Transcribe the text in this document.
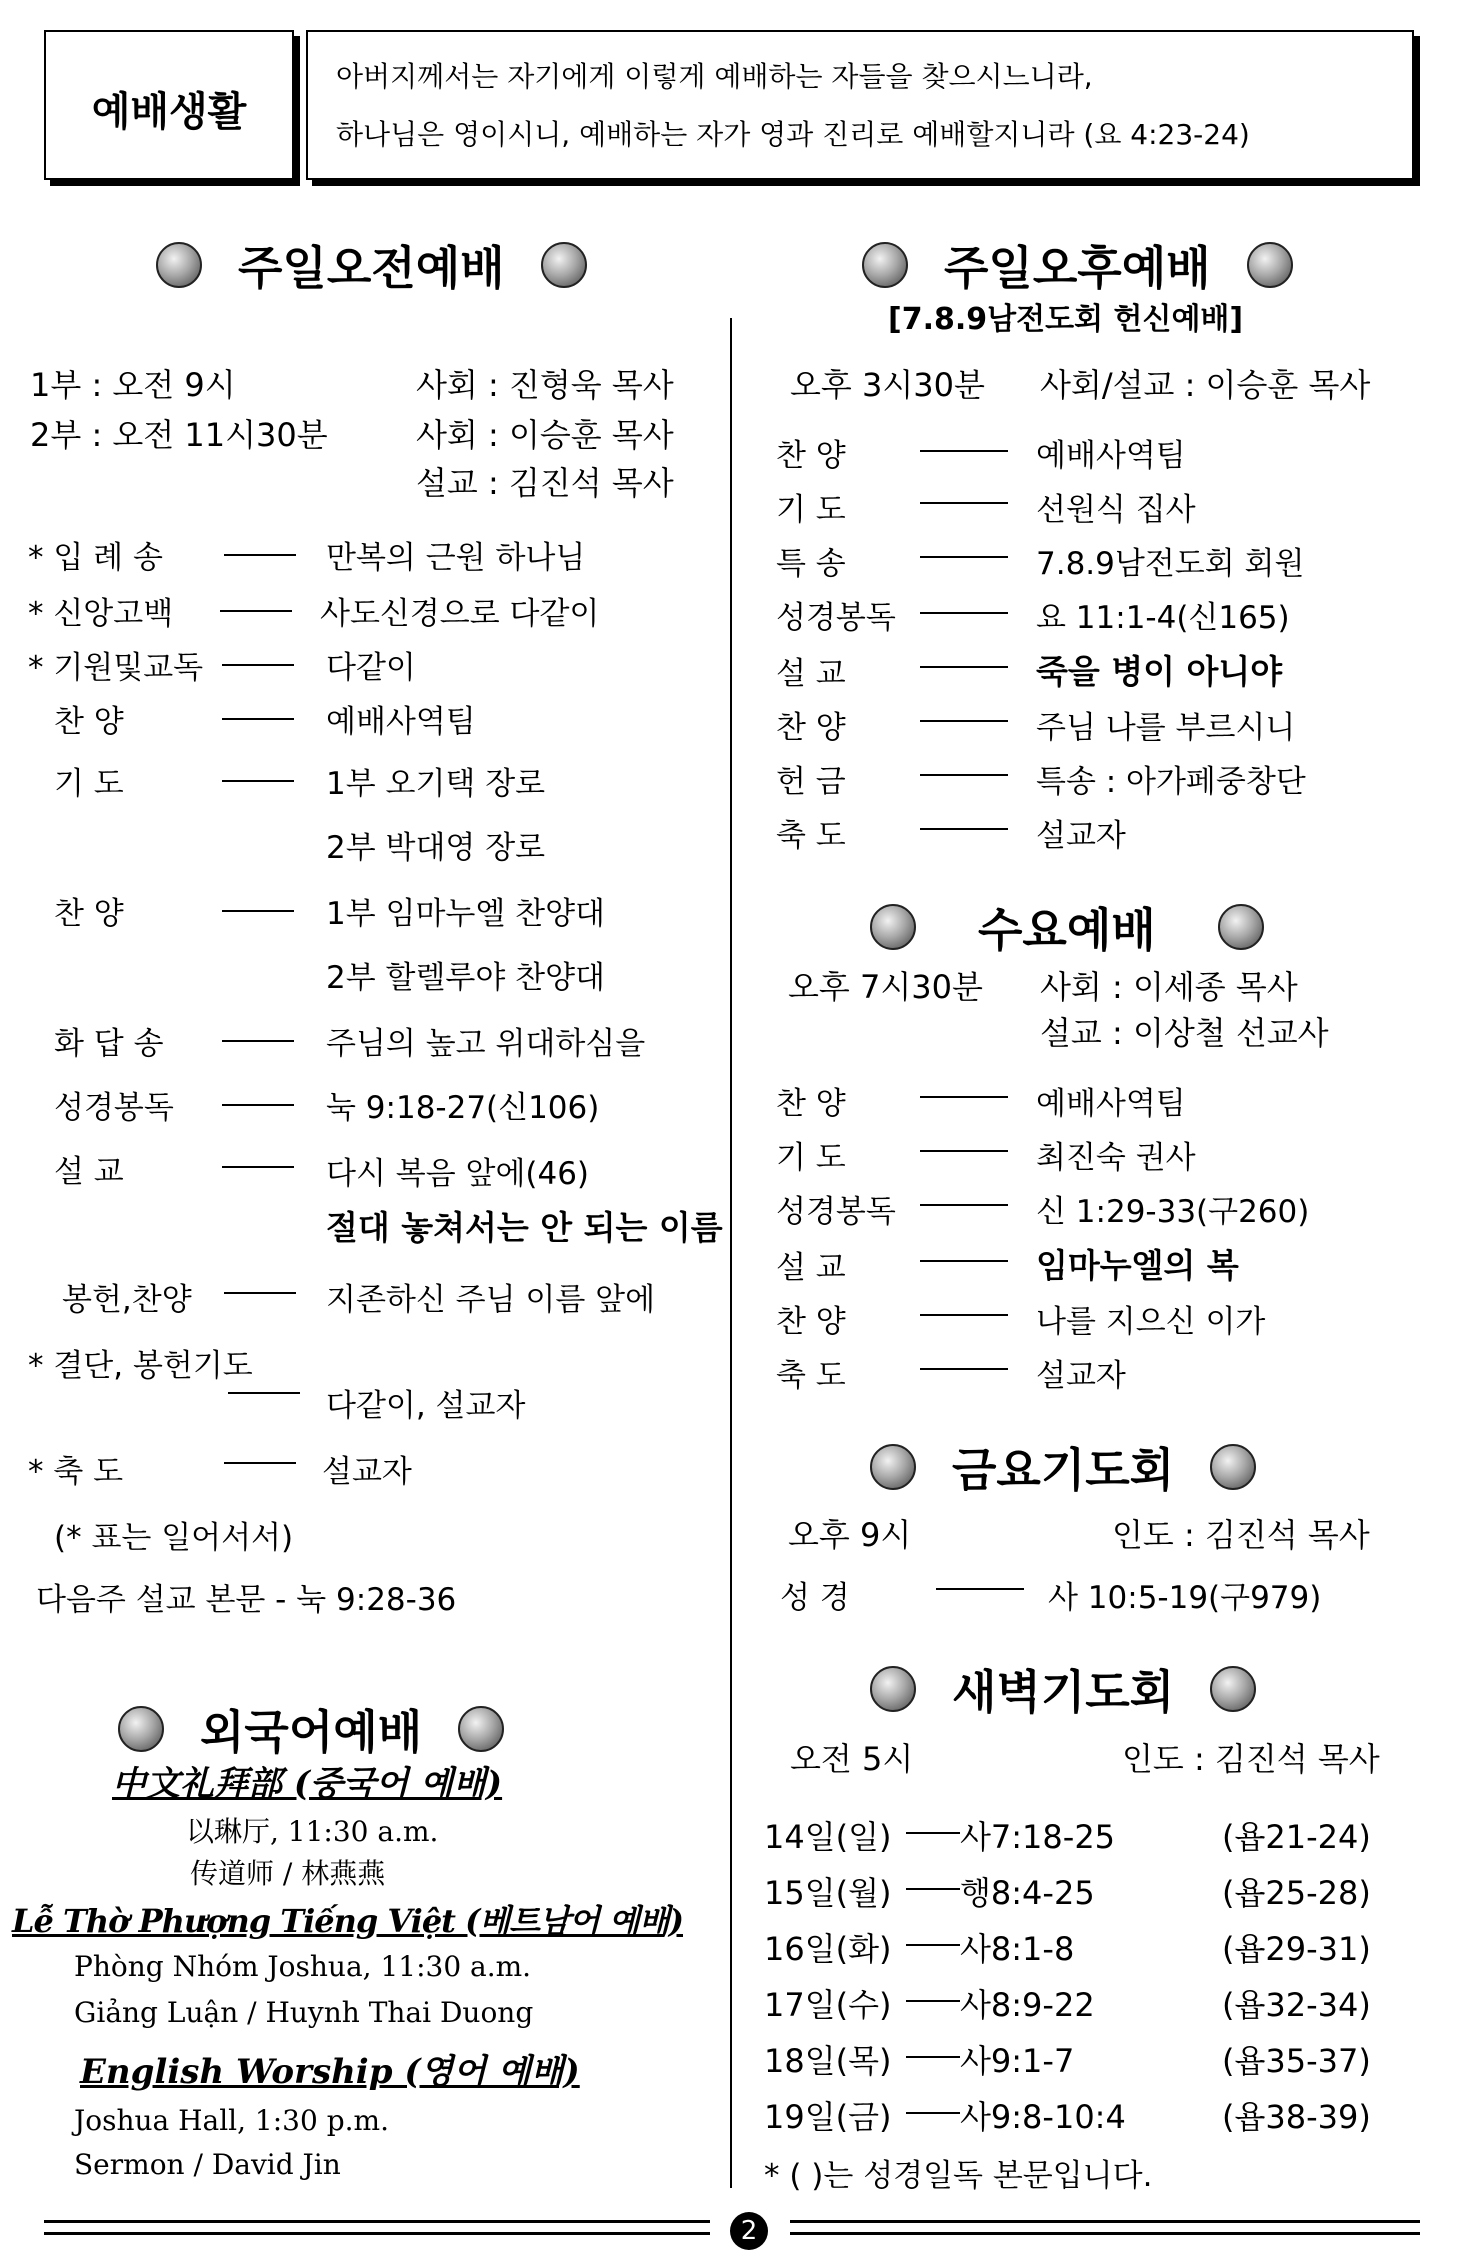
예배생활
아버지께서는 자기에게 이렇게 예배하는 자들을 찾으시느니라,
하나님은 영이시니, 예배하는 자가 영과 진리로 예배할지니라 (요 4:23-24)
주일오전예배
1부 : 오전 9시	사회 : 진형욱 목사
2부 : 오전 11시30분	사회 : 이승훈 목사
설교 : 김진석 목사
* 입 례 송	만복의 근원 하나님
* 신앙고백	사도신경으로 다같이
* 기원및교독	다같이
찬 양	예배사역팀
기 도	1부 오기택 장로
2부 박대영 장로
찬 양	1부 임마누엘 찬양대
2부 할렐루야 찬양대
화 답 송	주님의 높고 위대하심을
성경봉독	눅 9:18-27(신106)
설 교	다시 복음 앞에(46)
절대 놓쳐서는 안 되는 이름
봉헌,찬양	지존하신 주님 이름 앞에
* 결단, 봉헌기도
다같이, 설교자
* 축 도	설교자
(* 표는 일어서서)
다음주 설교 본문 - 눅 9:28-36
외국어예배
中文礼拜部 (중국어 예배)
以琳厅, 11:30 a.m.
传道师 / 林燕燕
Lễ Thờ Phượng Tiếng Việt (베트남어 예배)
Phòng Nhóm Joshua, 11:30 a.m.
Giảng Luận / Huynh Thai Duong
English Worship (영어 예배)
Joshua Hall, 1:30 p.m.
Sermon / David Jin
주일오후예배
[7.8.9남전도회 헌신예배]
오후 3시30분 사회/설교 : 이승훈 목사
찬 양	예배사역팀
기 도	선원식 집사
특 송	7.8.9남전도회 회원
성경봉독	요 11:1-4(신165)
설 교	죽을 병이 아니야
찬 양	주님 나를 부르시니
헌 금	특송 : 아가페중창단
축 도	설교자
수요예배
오후 7시30분 사회 : 이세종 목사
설교 : 이상철 선교사
찬 양	예배사역팀
기 도	최진숙 권사
성경봉독	신 1:29-33(구260)
설 교	임마누엘의 복
찬 양	나를 지으신 이가
축 도	설교자
금요기도회
오후 9시	인도 : 김진석 목사
성 경	사 10:5-19(구979)
새벽기도회
오전 5시	인도 : 김진석 목사
14일(일) 사7:18-25	(욥21-24)
15일(월) 행8:4-25	(욥25-28)
16일(화) 사8:1-8	(욥29-31)
17일(수) 사8:9-22	(욥32-34)
18일(목) 사9:1-7	(욥35-37)
19일(금) 사9:8-10:4	(욥38-39)
* ( )는 성경일독 본문입니다.
2
